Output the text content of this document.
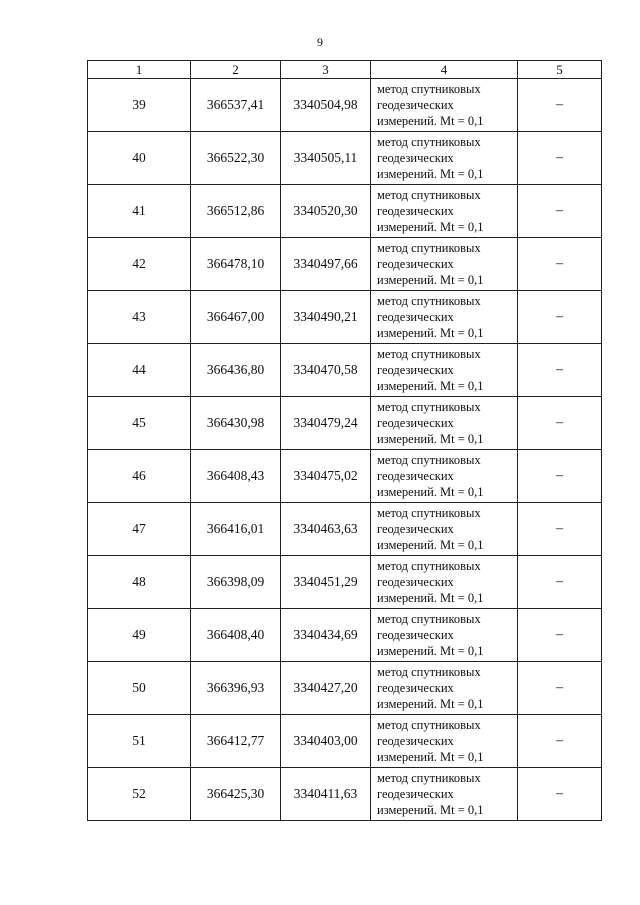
9
1	2	3	4	5
39	366537,41	3340504,98	метод спутниковых
геодезических
измерений. Mt = 0,1	–
40	366522,30	3340505,11	метод спутниковых
геодезических
измерений. Mt = 0,1	–
41	366512,86	3340520,30	метод спутниковых
геодезических
измерений. Mt = 0,1	–
42	366478,10	3340497,66	метод спутниковых
геодезических
измерений. Mt = 0,1	–
43	366467,00	3340490,21	метод спутниковых
геодезических
измерений. Mt = 0,1	–
44	366436,80	3340470,58	метод спутниковых
геодезических
измерений. Mt = 0,1	–
45	366430,98	3340479,24	метод спутниковых
геодезических
измерений. Mt = 0,1	–
46	366408,43	3340475,02	метод спутниковых
геодезических
измерений. Mt = 0,1	–
47	366416,01	3340463,63	метод спутниковых
геодезических
измерений. Mt = 0,1	–
48	366398,09	3340451,29	метод спутниковых
геодезических
измерений. Mt = 0,1	–
49	366408,40	3340434,69	метод спутниковых
геодезических
измерений. Mt = 0,1	–
50	366396,93	3340427,20	метод спутниковых
геодезических
измерений. Mt = 0,1	–
51	366412,77	3340403,00	метод спутниковых
геодезических
измерений. Mt = 0,1	–
52	366425,30	3340411,63	метод спутниковых
геодезических
измерений. Mt = 0,1	–
